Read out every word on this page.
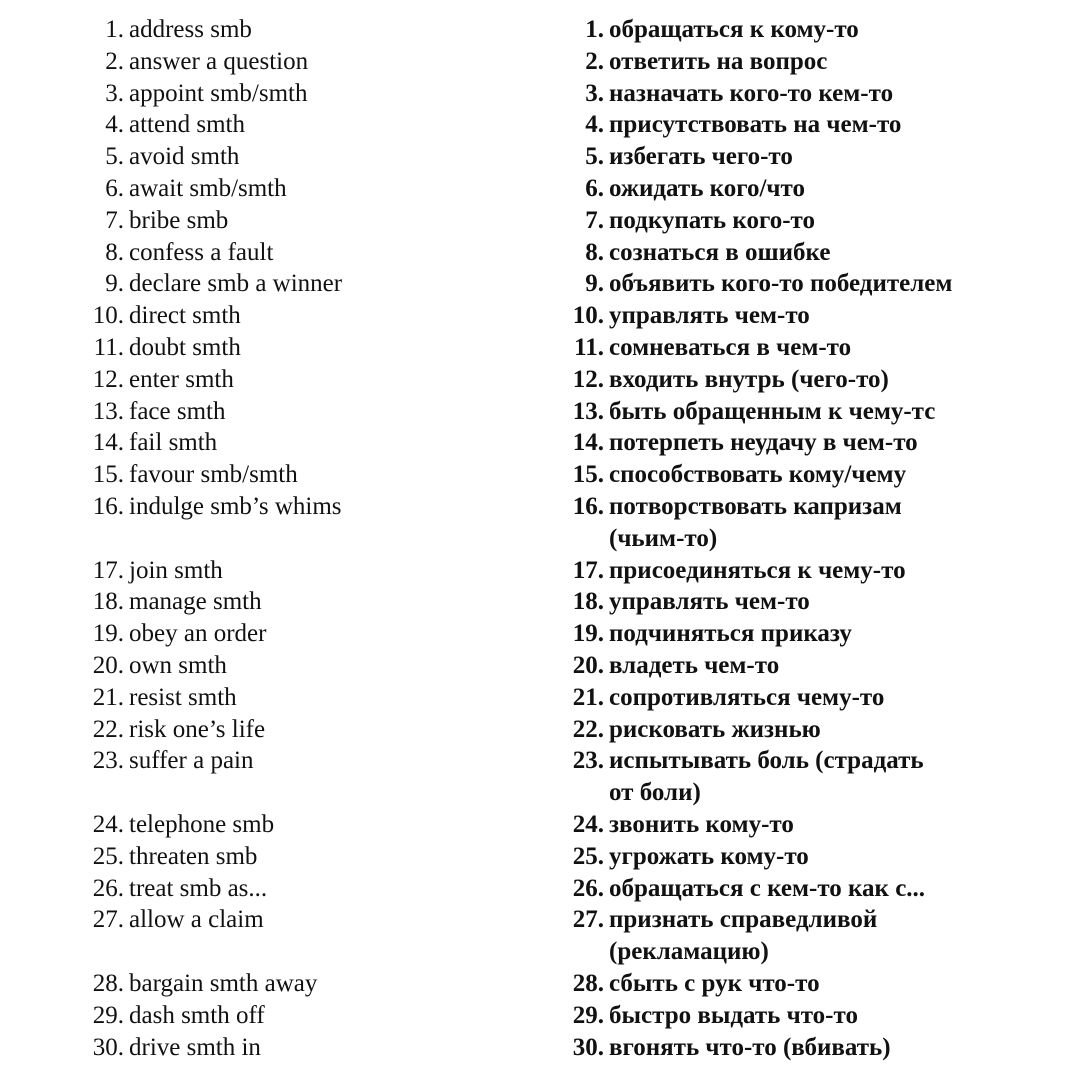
1. address smb
2. answer a question
3. appoint smb/smth
4. attend smth
5. avoid smth
6. await smb/smth
7. bribe smb
8. confess a fault
9. declare smb a winner
10. direct smth
11. doubt smth
12. enter smth
13. face smth
14. fail smth
15. favour smb/smth
16. indulge smb’s whims
17. join smth
18. manage smth
19. obey an order
20. own smth
21. resist smth
22. risk one’s life
23. suffer a pain
24. telephone smb
25. threaten smb
26. treat smb as...
27. allow a claim
28. bargain smth away
29. dash smth off
30. drive smth in
1. обращаться к кому-то
2. ответить на вопрос
3. назначать кого-то кем-то
4. присутствовать на чем-то
5. избегать чего-то
6. ожидать кого/что
7. подкупать кого-то
8. сознаться в ошибке
9. объявить кого-то победителем
10. управлять чем-то
11. сомневаться в чем-то
12. входить внутрь (чего-то)
13. быть обращенным к чему-тс
14. потерпеть неудачу в чем-то
15. способствовать кому/чему
16. потворствовать капризам
(чьим-то)
17. присоединяться к чему-то
18. управлять чем-то
19. подчиняться приказу
20. владеть чем-то
21. сопротивляться чему-то
22. рисковать жизнью
23. испытывать боль (страдать
от боли)
24. звонить кому-то
25. угрожать кому-то
26. обращаться с кем-то как с...
27. признать справедливой
(рекламацию)
28. сбыть с рук что-то
29. быстро выдать что-то
30. вгонять что-то (вбивать)
